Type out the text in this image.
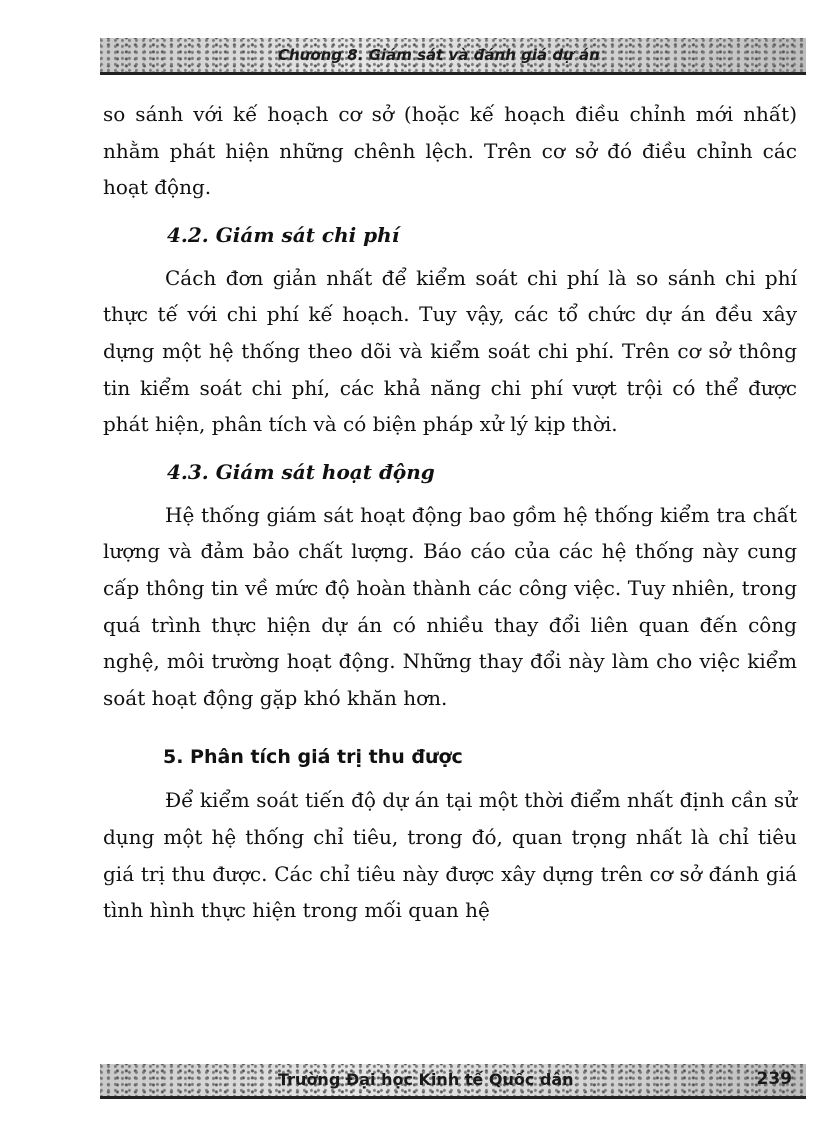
Chương 8. Giám sát và đánh giá dự án

so sánh với kế hoạch cơ sở (hoặc kế hoạch điều chỉnh mới nhất) nhằm phát hiện những chênh lệch. Trên cơ sở đó điều chỉnh các hoạt động.

4.2. Giám sát chi phí

Cách đơn giản nhất để kiểm soát chi phí là so sánh chi phí thực tế với chi phí kế hoạch. Tuy vậy, các tổ chức dự án đều xây dựng một hệ thống theo dõi và kiểm soát chi phí. Trên cơ sở thông tin kiểm soát chi phí, các khả năng chi phí vượt trội có thể được phát hiện, phân tích và có biện pháp xử lý kịp thời.

4.3. Giám sát hoạt động

Hệ thống giám sát hoạt động bao gồm hệ thống kiểm tra chất lượng và đảm bảo chất lượng. Báo cáo của các hệ thống này cung cấp thông tin về mức độ hoàn thành các công việc. Tuy nhiên, trong quá trình thực hiện dự án có nhiều thay đổi liên quan đến công nghệ, môi trường hoạt động. Những thay đổi này làm cho việc kiểm soát hoạt động gặp khó khăn hơn.

5. Phân tích giá trị thu được

Để kiểm soát tiến độ dự án tại một thời điểm nhất định cần sử dụng một hệ thống chỉ tiêu, trong đó, quan trọng nhất là chỉ tiêu giá trị thu được. Các chỉ tiêu này được xây dựng trên cơ sở đánh giá tình hình thực hiện trong mối quan hệ

Trường Đại học Kinh tế Quốc dân	239
